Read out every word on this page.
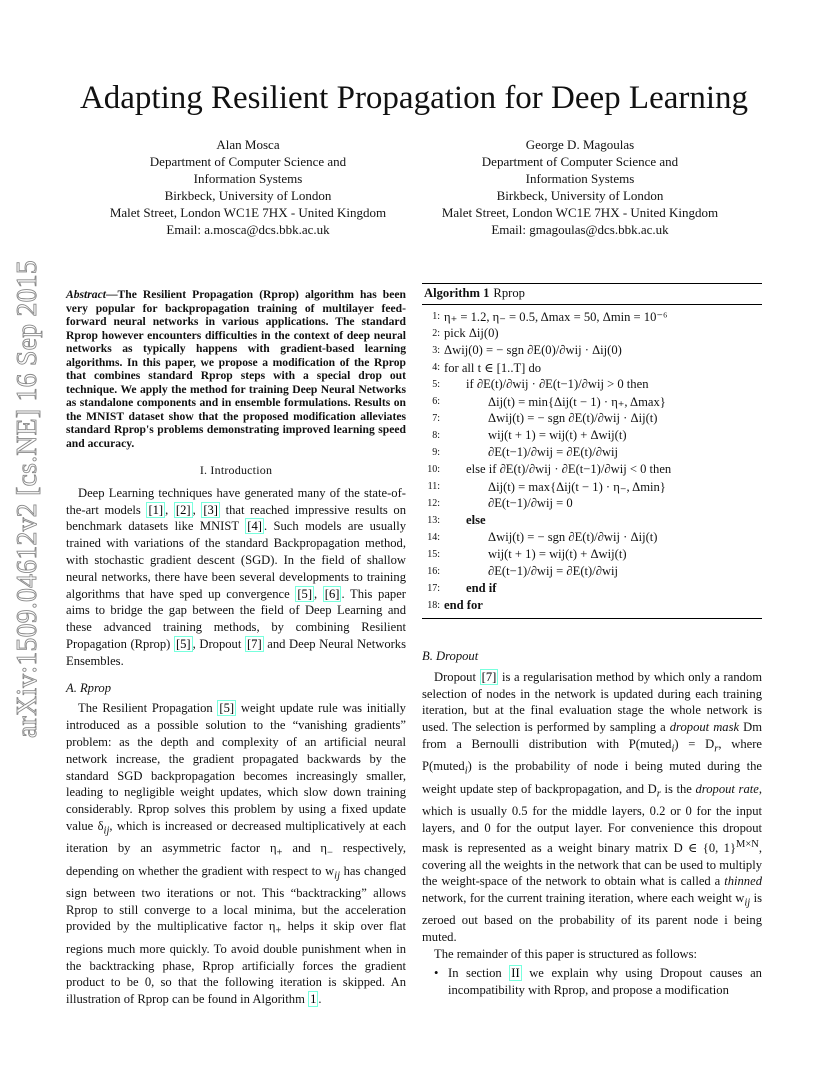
Adapting Resilient Propagation for Deep Learning
Alan Mosca
Department of Computer Science and
Information Systems
Birkbeck, University of London
Malet Street, London WC1E 7HX - United Kingdom
Email: a.mosca@dcs.bbk.ac.uk
George D. Magoulas
Department of Computer Science and
Information Systems
Birkbeck, University of London
Malet Street, London WC1E 7HX - United Kingdom
Email: gmagoulas@dcs.bbk.ac.uk
arXiv:1509.04612v2 [cs.NE] 16 Sep 2015 Abstract—The Resilient Propagation (Rprop) algorithm has been very popular for backpropagation training of multilayer feed-forward neural networks in various applications. The standard Rprop however encounters difficulties in the context of deep neural networks as typically happens with gradient-based learning algorithms. In this paper, we propose a modification of the Rprop that combines standard Rprop steps with a special drop out technique. We apply the method for training Deep Neural Networks as standalone components and in ensemble formulations. Results on the MNIST dataset show that the proposed modification alleviates standard Rprop's problems demonstrating improved learning speed and accuracy.
I. Introduction

Deep Learning techniques have generated many of the state-of-the-art models [1] , [2] , [3] that reached impressive results on benchmark datasets like MNIST [4] . Such models are usually trained with variations of the standard Backpropagation method, with stochastic gradient descent (SGD). In the field of shallow neural networks, there have been several developments to training algorithms that have sped up convergence [5] , [6] . This paper aims to bridge the gap between the field of Deep Learning and these advanced training methods, by combining Resilient Propagation (Rprop) [5] , Dropout [7] and Deep Neural Networks Ensembles.

A. Rprop

The Resilient Propagation [5] weight update rule was initially introduced as a possible solution to the “vanishing gradients” problem: as the depth and complexity of an artificial neural network increase, the gradient propagated backwards by the standard SGD backpropagation becomes increasingly smaller, leading to negligible weight updates, which slow down training considerably. Rprop solves this problem by using a fixed update value $\delta_{ij}$, which is increased or decreased multiplicatively at each iteration by an asymmetric factor $\eta_+$ and $\eta_-$ respectively, depending on whether the gradient with respect to $w_{ij}$ has changed sign between two iterations or not. This “backtracking” allows Rprop to still converge to a local minima, but the acceleration provided by the multiplicative factor $\eta_+$ helps it skip over flat regions much more quickly. To avoid double punishment when in the backtracking phase, Rprop artificially forces the gradient product to be 0, so that the following iteration is skipped. An illustration of Rprop can be found in Algorithm 1 .

Algorithm 1 Rprop
1: η₊ = 1.2, η₋ = 0.5, Δmax = 50, Δmin = 10⁻⁶
2: pick Δij(0)
3: Δwij(0) = − sgn ∂E(0)/∂wij · Δij(0)
4: for all t ∈ [1..T] do
5:	if ∂E(t)/∂wij · ∂E(t−1)/∂wij > 0 then
6:	Δij(t) = min{Δij(t − 1) · η₊, Δmax}
7:	Δwij(t) = − sgn ∂E(t)/∂wij · Δij(t)
8:	wij(t + 1) = wij(t) + Δwij(t)
9:	∂E(t−1)/∂wij = ∂E(t)/∂wij
10:	else if ∂E(t)/∂wij · ∂E(t−1)/∂wij < 0 then
11:	Δij(t) = max{Δij(t − 1) · η₋, Δmin}
12:	∂E(t−1)/∂wij = 0
13:	else
14:	Δwij(t) = − sgn ∂E(t)/∂wij · Δij(t)
15:	wij(t + 1) = wij(t) + Δwij(t)
16:	∂E(t−1)/∂wij = ∂E(t)/∂wij
17:	end if
18: end for
B. Dropout

Dropout [7] is a regularisation method by which only a random selection of nodes in the network is updated during each training iteration, but at the final evaluation stage the whole network is used. The selection is performed by sampling a dropout mask Dm from a Bernoulli distribution with P(muted$_i$) = $D_r$, where P(muted$_i$) is the probability of node i being muted during the weight update step of backpropagation, and $D_r$ is the dropout rate, which is usually 0.5 for the middle layers, 0.2 or 0 for the input layers, and 0 for the output layer. For convenience this dropout mask is represented as a weight binary matrix D ∈ {0, 1}$^{M\times N}$, covering all the weights in the network that can be used to multiply the weight-space of the network to obtain what is called a thinned network, for the current training iteration, where each weight $w_{ij}$ is zeroed out based on the probability of its parent node i being muted.

The remainder of this paper is structured as follows:

• In section II we explain why using Dropout causes an incompatibility with Rprop, and propose a modification
